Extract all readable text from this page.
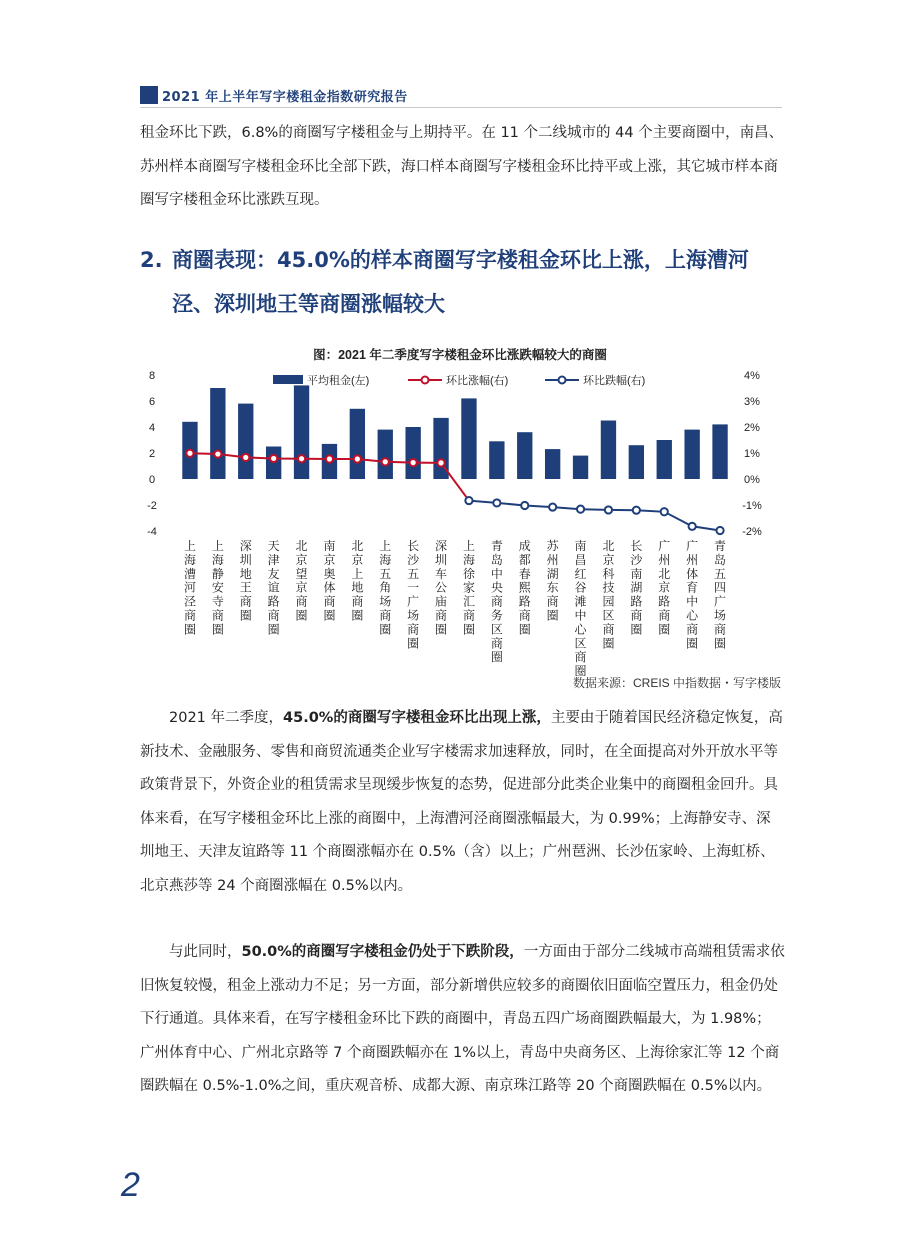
2021 年上半年写字楼租金指数研究报告

租金环比下跌，6.8%的商圈写字楼租金与上期持平。在 11 个二线城市的 44 个主要商圈中，南昌、苏州样本商圈写字楼租金环比全部下跌，海口样本商圈写字楼租金环比持平或上涨，其它城市样本商圈写字楼租金环比涨跌互现。

2. 商圈表现：45.0%的样本商圈写字楼租金环比上涨，上海漕河
泾、深圳地王等商圈涨幅较大
图：2021 年二季度写字楼租金环比涨跌幅较大的商圈
8
6
4
2
0
-2
-4
4%
3%
2%
1%
0%
-1%
-2%
平均租金(左)	环比涨幅(右)	环比跌幅(右)
上海漕河泾商圈
上海静安寺商圈
深圳地王商圈
天津友谊路商圈
北京望京商圈
南京奥体商圈
北京上地商圈
上海五角场商圈
长沙五一广场商圈
深圳车公庙商圈
上海徐家汇商圈
青岛中央商务区商圈
成都春熙路商圈
苏州湖东商圈
南昌红谷滩中心区商圈
北京科技园区商圈
长沙南湖路商圈
广州北京路商圈
广州体育中心商圈
青岛五四广场商圈
数据来源：CREIS 中指数据・写字楼版

2021 年二季度，45.0%的商圈写字楼租金环比出现上涨，主要由于随着国民经济稳定恢复，高新技术、金融服务、零售和商贸流通类企业写字楼需求加速释放，同时，在全面提高对外开放水平等政策背景下，外资企业的租赁需求呈现缓步恢复的态势，促进部分此类企业集中的商圈租金回升。具体来看，在写字楼租金环比上涨的商圈中，上海漕河泾商圈涨幅最大，为 0.99%；上海静安寺、深圳地王、天津友谊路等 11 个商圈涨幅亦在 0.5%（含）以上；广州琶洲、长沙伍家岭、上海虹桥、北京燕莎等 24 个商圈涨幅在 0.5%以内。

与此同时，50.0%的商圈写字楼租金仍处于下跌阶段，一方面由于部分二线城市高端租赁需求依旧恢复较慢，租金上涨动力不足；另一方面，部分新增供应较多的商圈依旧面临空置压力，租金仍处下行通道。具体来看，在写字楼租金环比下跌的商圈中，青岛五四广场商圈跌幅最大，为 1.98%；广州体育中心、广州北京路等 7 个商圈跌幅亦在 1%以上，青岛中央商务区、上海徐家汇等 12 个商圈跌幅在 0.5%-1.0%之间，重庆观音桥、成都大源、南京珠江路等 20 个商圈跌幅在 0.5%以内。

2
